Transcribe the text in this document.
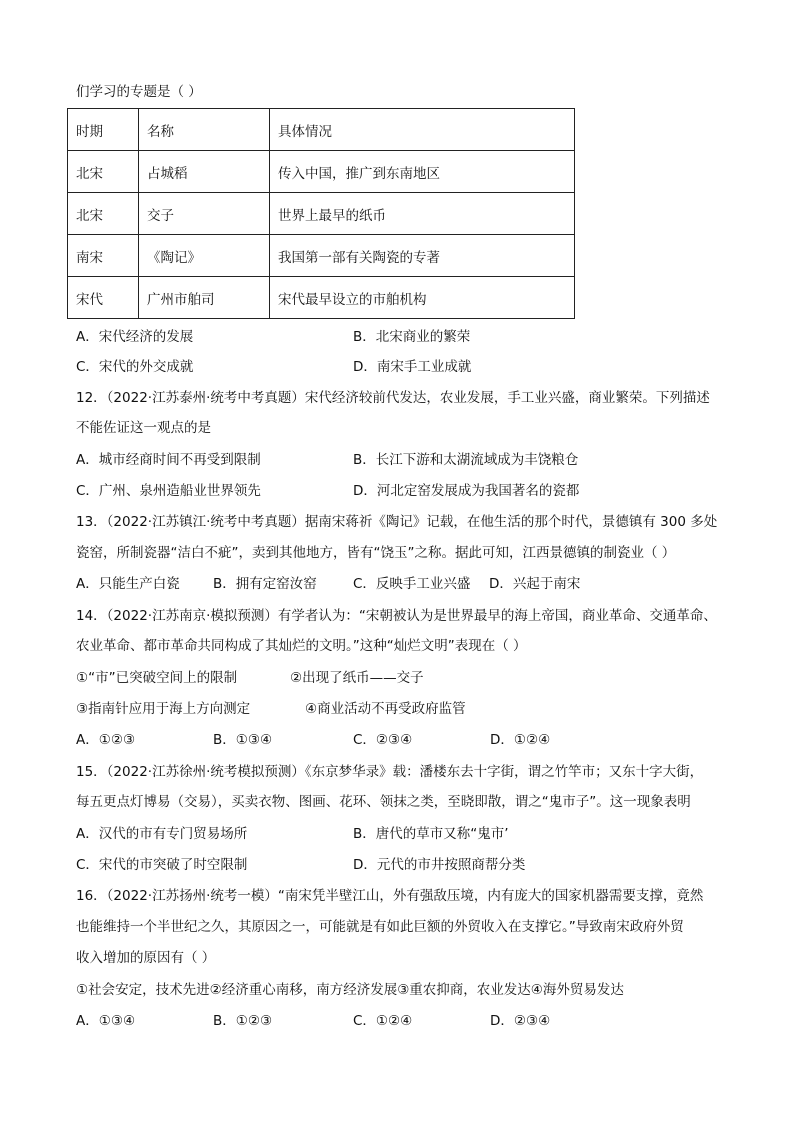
们学习的专题是（ ）
时期	名称	具体情况
北宋	占城稻	传入中国，推广到东南地区
北宋	交子	世界上最早的纸币
南宋	《陶记》	我国第一部有关陶瓷的专著
宋代	广州市舶司	宋代最早设立的市舶机构
A．宋代经济的发展	B．北宋商业的繁荣
C．宋代的外交成就	D．南宋手工业成就
12．（2022·江苏泰州·统考中考真题）宋代经济较前代发达，农业发展，手工业兴盛，商业繁荣。下列描述
不能佐证这一观点的是
A．城市经商时间不再受到限制	B．长江下游和太湖流域成为丰饶粮仓
C．广州、泉州造船业世界领先	D．河北定窑发展成为我国著名的瓷都
13．（2022·江苏镇江·统考中考真题）据南宋蒋祈《陶记》记载，在他生活的那个时代，景德镇有 300 多处
瓷窑，所制瓷器“洁白不疵”，卖到其他地方，皆有“饶玉”之称。据此可知，江西景德镇的制瓷业（ ）
A．只能生产白瓷 B．拥有定窑汝窑	C．反映手工业兴盛 D．兴起于南宋
14．（2022·江苏南京·模拟预测）有学者认为：“宋朝被认为是世界最早的海上帝国，商业革命、交通革命、
农业革命、都市革命共同构成了其灿烂的文明。”这种“灿烂文明”表现在（ ）
①“市”已突破空间上的限制	②出现了纸币——交子
③指南针应用于海上方向测定	④商业活动不再受政府监管
A．①②③	B．①③④	C．②③④	D．①②④
15．（2022·江苏徐州·统考模拟预测）《东京梦华录》载：潘楼东去十字街，谓之竹竿市；又东十字大街，
每五更点灯博易（交易），买卖衣物、图画、花环、领抹之类，至晓即散，谓之“鬼市子”。这一现象表明
A．汉代的市有专门贸易场所	B．唐代的草市又称“鬼市’
C．宋代的市突破了时空限制	D．元代的市井按照商帮分类
16．（2022·江苏扬州·统考一模）“南宋凭半壁江山，外有强敌压境，内有庞大的国家机器需要支撑，竟然
也能维持一个半世纪之久，其原因之一，可能就是有如此巨额的外贸收入在支撑它。”导致南宋政府外贸
收入增加的原因有（ ）
①社会安定，技术先进②经济重心南移，南方经济发展③重农抑商，农业发达④海外贸易发达
A．①③④	B．①②③	C．①②④	D．②③④
